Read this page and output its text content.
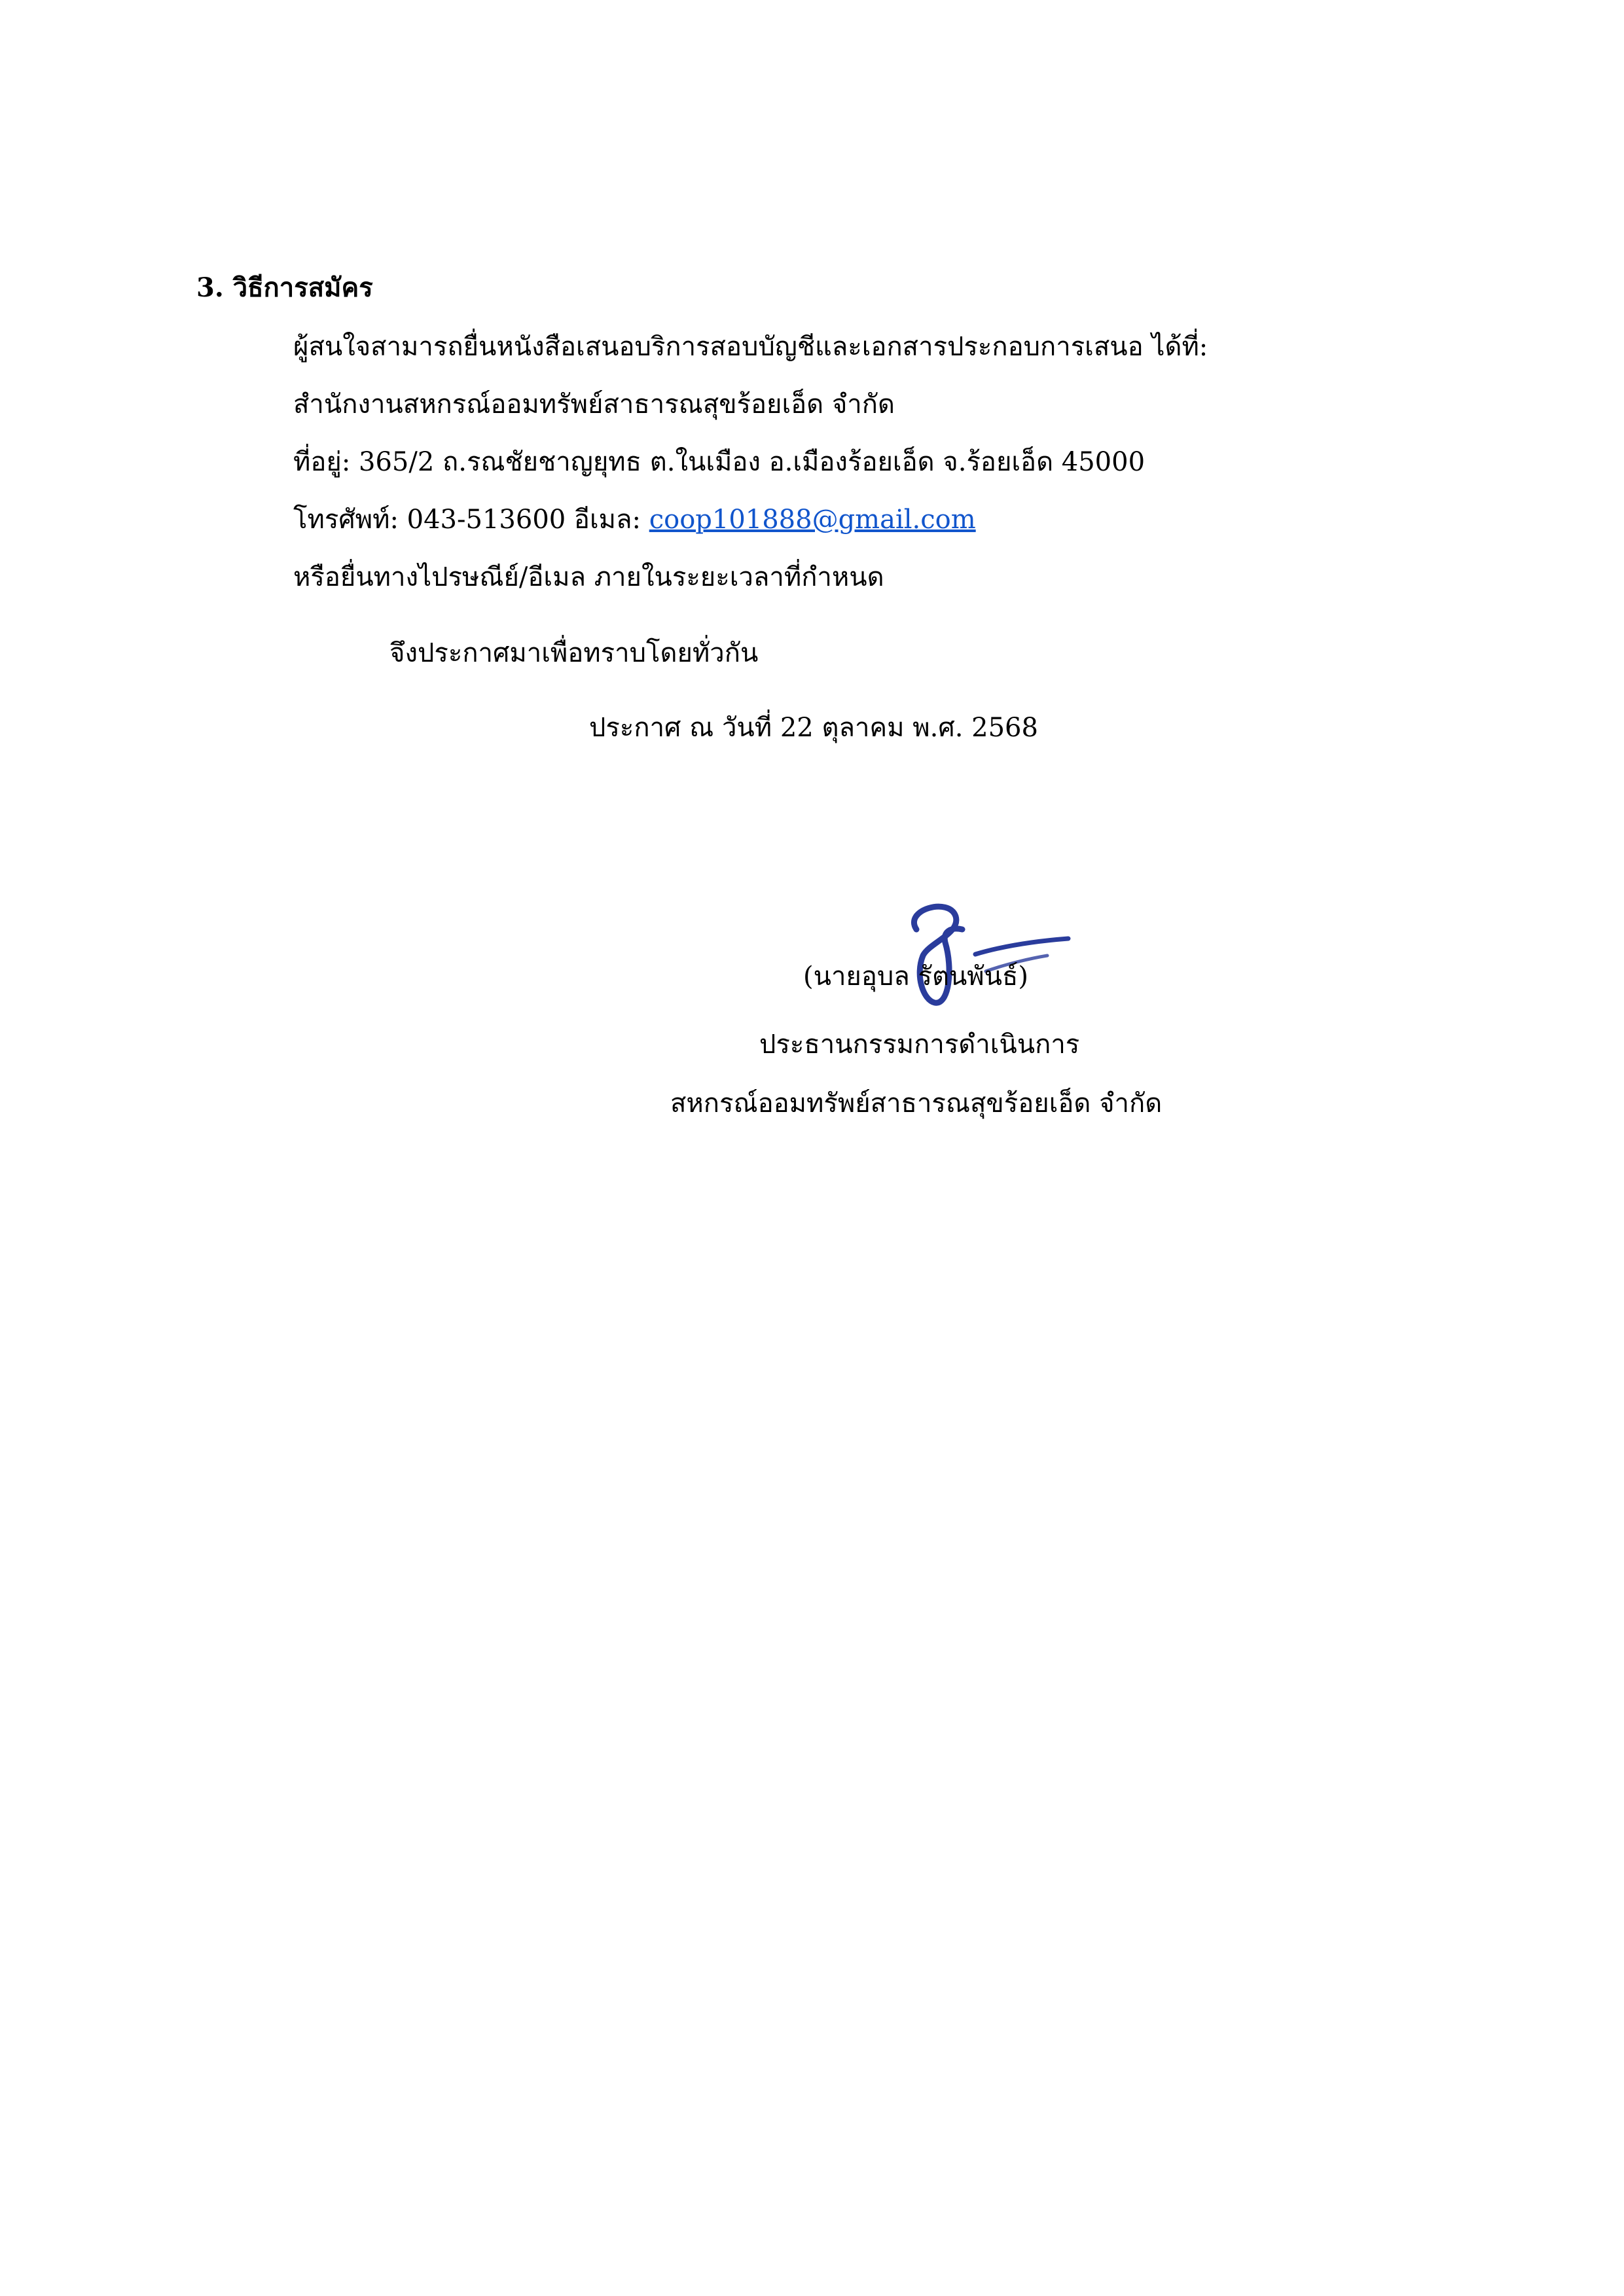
3. วิธีการสมัคร
ผู้สนใจสามารถยื่นหนังสือเสนอบริการสอบบัญชีและเอกสารประกอบการเสนอ ได้ที่:
สำนักงานสหกรณ์ออมทรัพย์สาธารณสุขร้อยเอ็ด จำกัด
ที่อยู่: 365/2 ถ.รณชัยชาญยุทธ ต.ในเมือง อ.เมืองร้อยเอ็ด จ.ร้อยเอ็ด 45000
โทรศัพท์: 043-513600 อีเมล: coop101888@gmail.com
หรือยื่นทางไปรษณีย์/อีเมล ภายในระยะเวลาที่กำหนด
จึงประกาศมาเพื่อทราบโดยทั่วกัน
ประกาศ ณ วันที่ 22 ตุลาคม พ.ศ. 2568
(นายอุบล รัตนพันธ์)
ประธานกรรมการดำเนินการ
สหกรณ์ออมทรัพย์สาธารณสุขร้อยเอ็ด จำกัด
